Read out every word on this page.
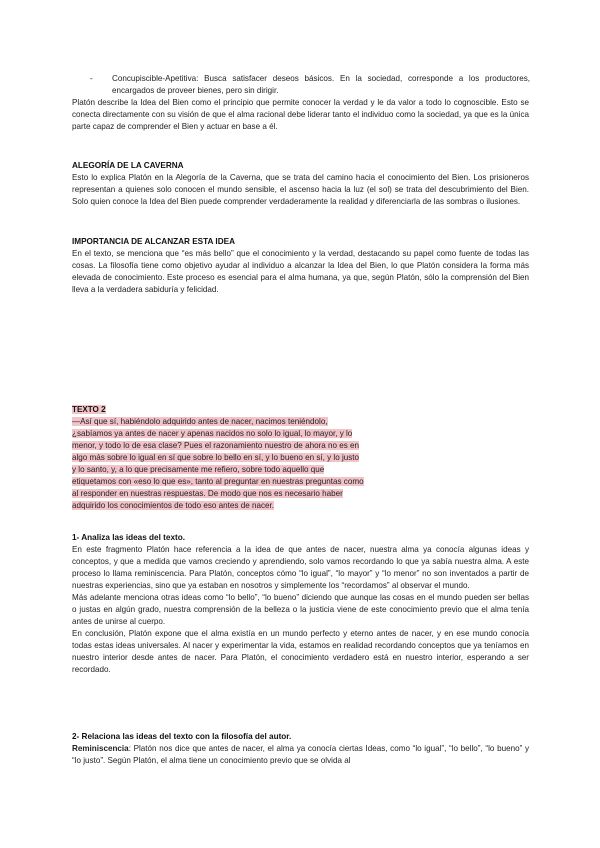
-	Concupiscible-Apetitiva: Busca satisfacer deseos básicos. En la sociedad, corresponde a los productores, encargados de proveer bienes, pero sin dirigir.

Platón describe la Idea del Bien como el principio que permite conocer la verdad y le da valor a todo lo cognoscible. Esto se conecta directamente con su visión de que el alma racional debe liderar tanto el individuo como la sociedad, ya que es la única parte capaz de comprender el Bien y actuar en base a él.

ALEGORÍA DE LA CAVERNA

Esto lo explica Platón en la Alegoría de la Caverna, que se trata del camino hacia el conocimiento del Bien. Los prisioneros representan a quienes solo conocen el mundo sensible, el ascenso hacia la luz (el sol) se trata del descubrimiento del Bien. Solo quien conoce la Idea del Bien puede comprender verdaderamente la realidad y diferenciarla de las sombras o ilusiones.

IMPORTANCIA DE ALCANZAR ESTA IDEA

En el texto, se menciona que “es más bello” que el conocimiento y la verdad, destacando su papel como fuente de todas las cosas. La filosofía tiene como objetivo ayudar al individuo a alcanzar la Idea del Bien, lo que Platón considera la forma más elevada de conocimiento. Este proceso es esencial para el alma humana, ya que, según Platón, sólo la comprensión del Bien lleva a la verdadera sabiduría y felicidad.

TEXTO 2

—Así que sí, habiéndolo adquirido antes de nacer, nacimos teniéndolo,
¿sabíamos ya antes de nacer y apenas nacidos no solo lo igual, lo mayor, y lo
menor, y todo lo de esa clase? Pues el razonamiento nuestro de ahora no es en
algo más sobre lo igual en sí que sobre lo bello en sí, y lo bueno en sí, y lo justo
y lo santo, y, a lo que precisamente me refiero, sobre todo aquello que
etiquetamos con «eso lo que es», tanto al preguntar en nuestras preguntas como
al responder en nuestras respuestas. De modo que nos es necesario haber
adquirido los conocimientos de todo eso antes de nacer.

1- Analiza las ideas del texto.

En este fragmento Platón hace referencia a la idea de que antes de nacer, nuestra alma ya conocía algunas ideas y conceptos, y que a medida que vamos creciendo y aprendiendo, solo vamos recordando lo que ya sabía nuestra alma. A este proceso lo llama reminiscencia. Para Platón, conceptos cómo “lo igual”, “lo mayor” y “lo menor” no son inventados a partir de nuestras experiencias, sino que ya estaban en nosotros y simplemente los “recordamos” al observar el mundo.

Más adelante menciona otras ideas como “lo bello”, “lo bueno” diciendo que aunque las cosas en el mundo pueden ser bellas o justas en algún grado, nuestra comprensión de la belleza o la justicia viene de este conocimiento previo que el alma tenía antes de unirse al cuerpo.

En conclusión, Platón expone que el alma existía en un mundo perfecto y eterno antes de nacer, y en ese mundo conocía todas estas ideas universales. Al nacer y experimentar la vida, estamos en realidad recordando conceptos que ya teníamos en nuestro interior desde antes de nacer. Para Platón, el conocimiento verdadero está en nuestro interior, esperando a ser recordado.

2- Relaciona las ideas del texto con la filosofía del autor.

Reminiscencia: Platón nos dice que antes de nacer, el alma ya conocía ciertas Ideas, como “lo igual”, “lo bello”, “lo bueno” y “lo justo”. Según Platón, el alma tiene un conocimiento previo que se olvida al
